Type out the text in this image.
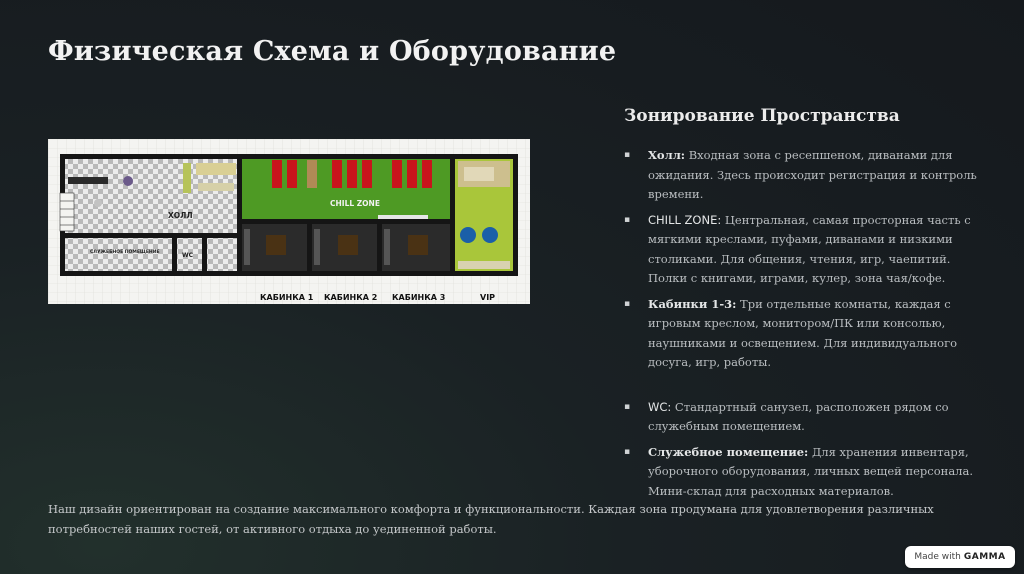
Физическая Схема и Оборудование
ХОЛЛ
CHILL ZONE
СЛУЖЕБНОЕ ПОМЕЩЕНИЕ	WC
КАБИНКА 1 КАБИНКА 2 КАБИНКА 3	VIP
Зонирование Пространства
▪ Холл: Входная зона с ресепшеном, диванами для ожидания. Здесь происходит регистрация и контроль времени.
▪ CHILL ZONE: Центральная, самая просторная часть с мягкими креслами, пуфами, диванами и низкими столиками. Для общения, чтения, игр, чаепитий. Полки с книгами, играми, кулер, зона чая/кофе.
▪ Кабинки 1-3: Три отдельные комнаты, каждая с игровым креслом, монитором/ПК или консолью, наушниками и освещением. Для индивидуального досуга, игр, работы.
▪ WC: Стандартный санузел, расположен рядом со служебным помещением.
▪ Служебное помещение: Для хранения инвентаря, уборочного оборудования, личных вещей персонала. Мини-склад для расходных материалов.
Наш дизайн ориентирован на создание максимального комфорта и функциональности. Каждая зона продумана для удовлетворения различных потребностей наших гостей, от активного отдыха до уединенной работы.
Made with GAMMA
